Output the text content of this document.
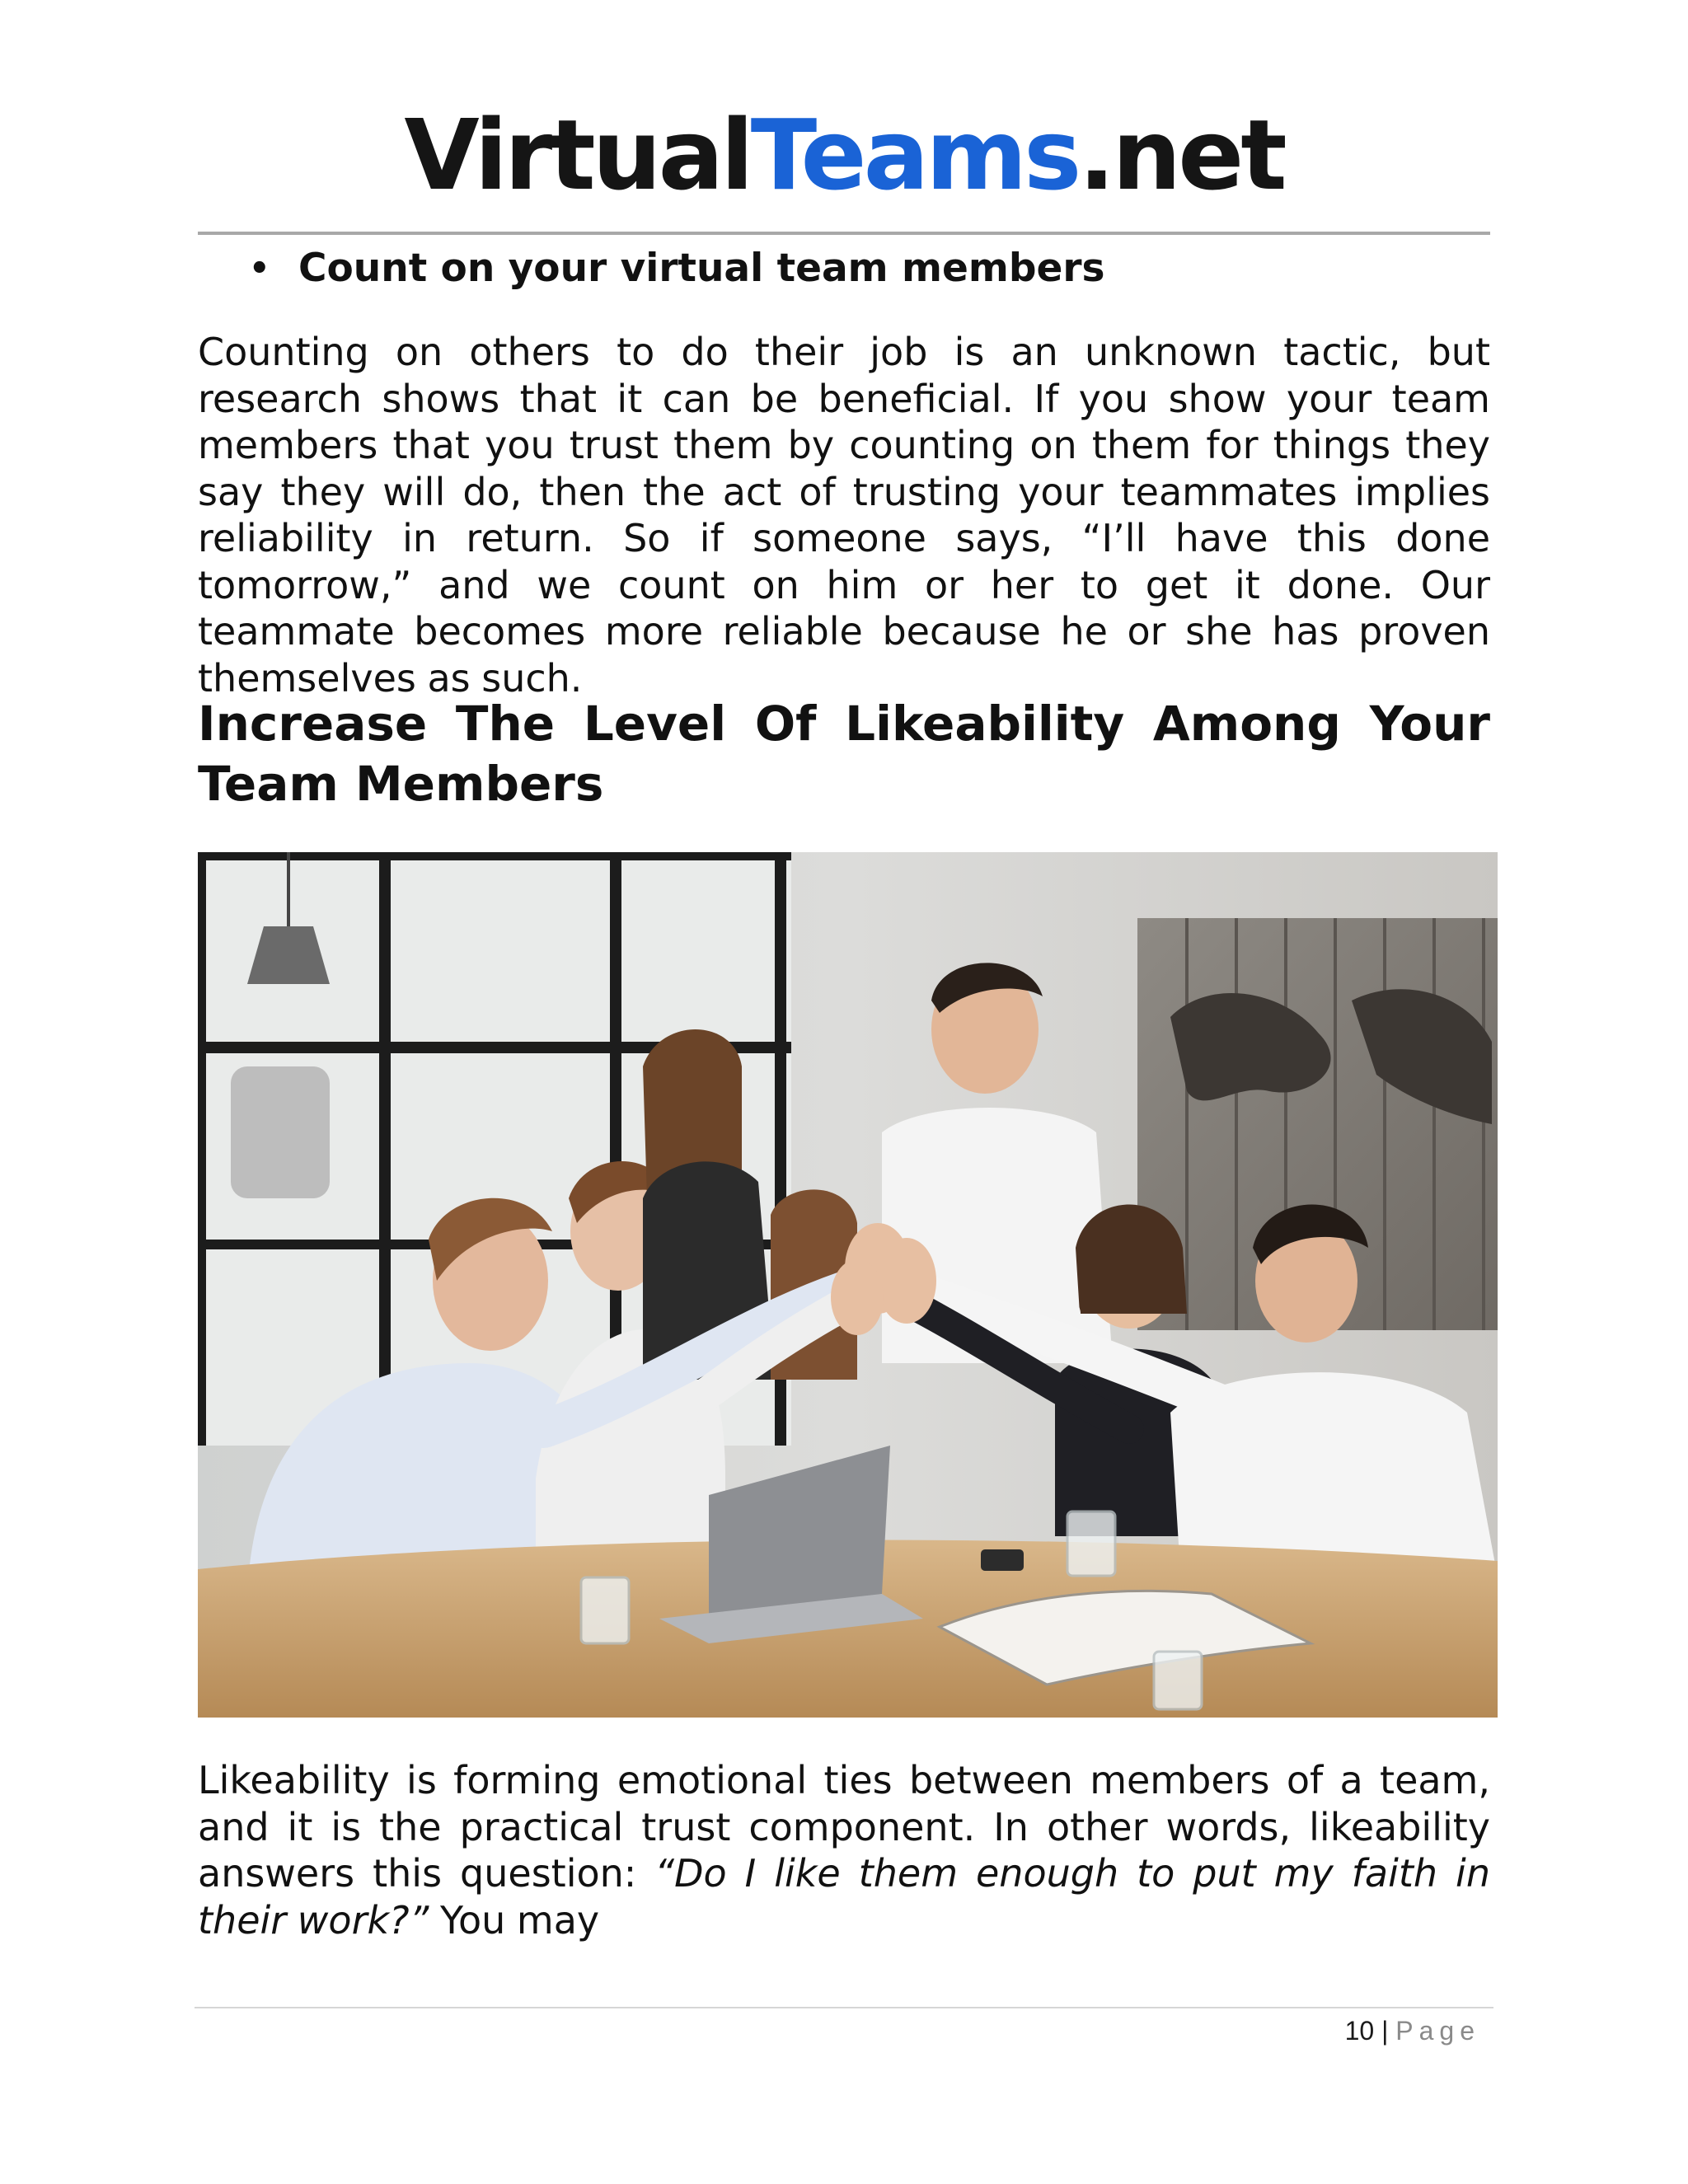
VirtualTeams.net
• Count on your virtual team members

Counting on others to do their job is an unknown tactic, but research shows that it can be beneficial. If you show your team members that you trust them by counting on them for things they say they will do, then the act of trusting your teammates implies reliability in return. So if someone says, “I’ll have this done tomorrow,” and we count on him or her to get it done. Our teammate becomes more reliable because he or she has proven themselves as such.

Increase The Level Of Likeability Among Your Team Members

Likeability is forming emotional ties between members of a team, and it is the practical trust component. In other words, likeability answers this question: “Do I like them enough to put my faith in their work?” You may

10 | Page
